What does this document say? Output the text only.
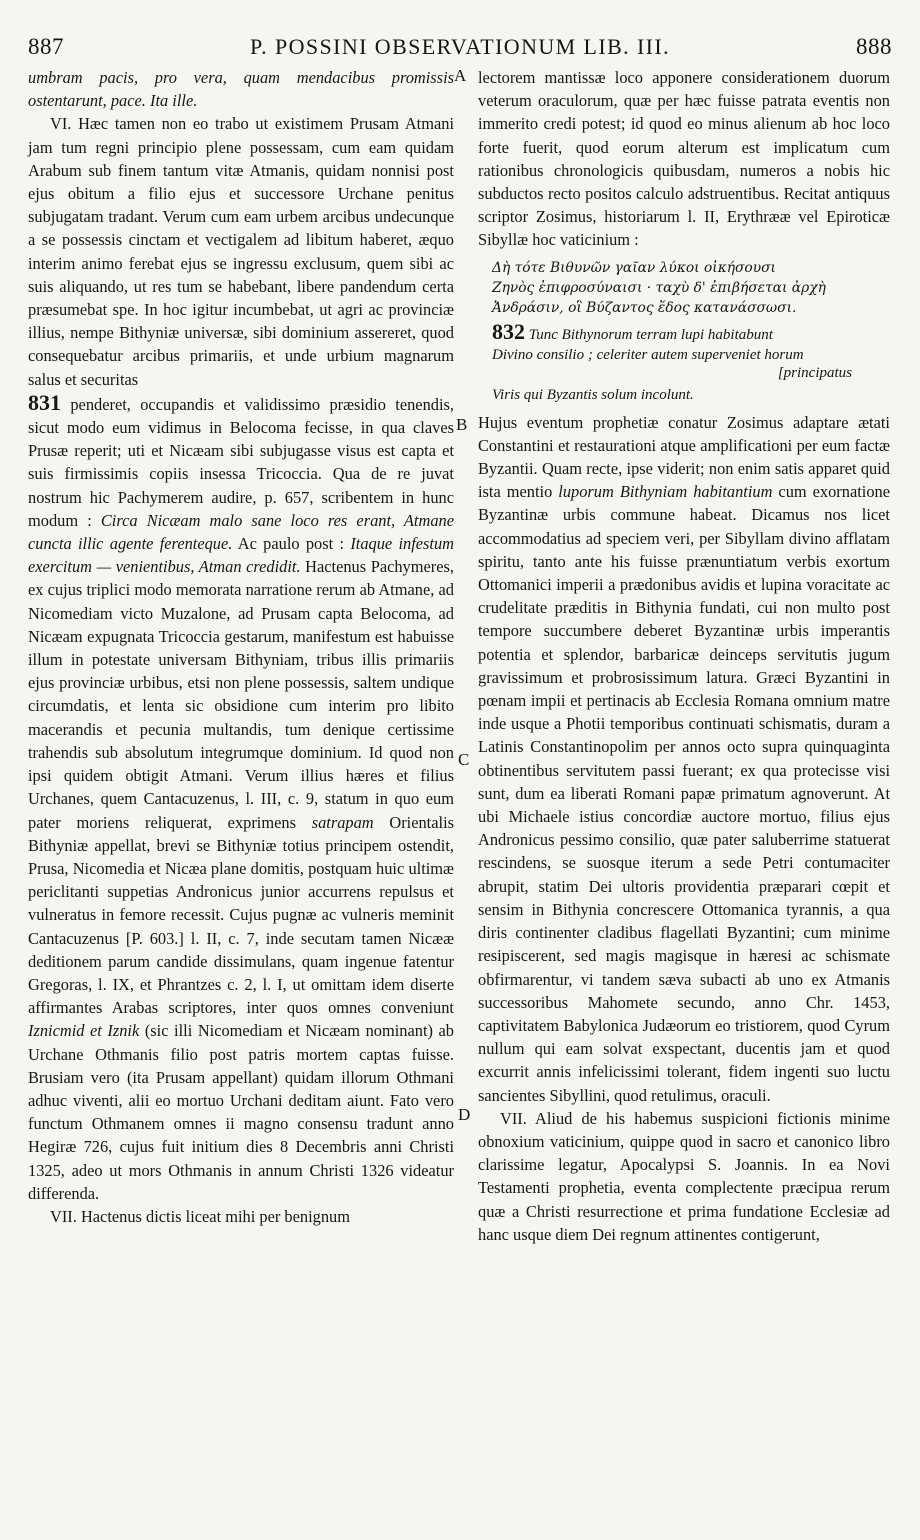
887	P. POSSINI OBSERVATIONUM LIB. III.	888
A
B
C
D

umbram pacis, pro vera, quam mendacibus promissis ostentarunt, pace. Ita ille.

VI. Hæc tamen non eo trabo ut existimem Prusam Atmani jam tum regni principio plene possessam, cum eam quidam Arabum sub finem tantum vitæ Atmanis, quidam nonnisi post ejus obitum a filio ejus et successore Urchane penitus subjugatam tradant. Verum cum eam urbem arcibus undecunque a se possessis cinctam et vectigalem ad libitum haberet, æquo interim animo ferebat ejus se ingressu exclusum, quem sibi ac suis aliquando, ut res tum se habebant, libere pandendum certa præsumebat spe. In hoc igitur incumbebat, ut agri ac provinciæ illius, nempe Bithyniæ universæ, sibi dominium assereret, quod consequebatur arcibus primariis, et unde urbium magnarum salus et securitas
831 penderet, occupandis et validissimo præsidio tenendis, sicut modo eum vidimus in Belocoma fecisse, in qua claves Prusæ reperit; uti et Nicæam sibi subjugasse visus est capta et suis firmissimis copiis insessa Tricoccia. Qua de re juvat nostrum hic Pachymerem audire, p. 657, scribentem in hunc modum : Circa Nicæam malo sane loco res erant, Atmane cuncta illic agente ferenteque. Ac paulo post : Itaque infestum exercitum — venientibus, Atman credidit. Hactenus Pachymeres, ex cujus triplici modo memorata narratione rerum ab Atmane, ad Nicomediam victo Muzalone, ad Prusam capta Belocoma, ad Nicæam expugnata Tricoccia gestarum, manifestum est habuisse illum in potestate universam Bithyniam, tribus illis primariis ejus provinciæ urbibus, etsi non plene possessis, saltem undique circumdatis, et lenta sic obsidione cum interim pro libito macerandis et pecunia multandis, tum denique certissime trahendis sub absolutum integrumque dominium. Id quod non ipsi quidem obtigit Atmani. Verum illius hæres et filius Urchanes, quem Cantacuzenus, l. III, c. 9, statum in quo eum pater moriens reliquerat, exprimens satrapam Orientalis Bithyniæ appellat, brevi se Bithyniæ totius principem ostendit, Prusa, Nicomedia et Nicæa plane domitis, postquam huic ultimæ periclitanti suppetias Andronicus junior accurrens repulsus et vulneratus in femore recessit. Cujus pugnæ ac vulneris meminit Cantacuzenus [P. 603.] l. II, c. 7, inde secutam tamen Nicææ deditionem parum candide dissimulans, quam ingenue fatentur Gregoras, l. IX, et Phrantzes c. 2, l. I, ut omittam idem diserte affirmantes Arabas scriptores, inter quos omnes conveniunt Iznicmid et Iznik (sic illi Nicomediam et Nicæam nominant) ab Urchane Othmanis filio post patris mortem captas fuisse. Brusiam vero (ita Prusam appellant) quidam illorum Othmani adhuc viventi, alii eo mortuo Urchani deditam aiunt. Fato vero functum Othmanem omnes ii magno consensu tradunt anno Hegiræ 726, cujus fuit initium dies 8 Decembris anni Christi 1325, adeo ut mors Othmanis in annum Christi 1326 videatur differenda.

VII. Hactenus dictis liceat mihi per benignum

lectorem mantissæ loco apponere considerationem duorum veterum oraculorum, quæ per hæc fuisse patrata eventis non immerito credi potest; id quod eo minus alienum ab hoc loco forte fuerit, quod eorum alterum est implicatum cum rationibus chronologicis quibusdam, numeros a nobis hic subductos recto positos calculo adstruentibus. Recitat antiquus scriptor Zosimus, historiarum l. II, Erythrææ vel Epiroticæ Sibyllæ hoc vaticinium :

Δὴ τότε Βιθυνῶν γαῖαν λύκοι οἰκήσουσι
Ζηνὸς ἐπιφροσύναισι · ταχὺ δ' ἐπιβήσεται ἀρχὴ
Ἀνδράσιν, οἳ Βύζαντος ἕδος κατανάσσωσι.
832 Tunc Bithynorum terram lupi habitabunt
Divino consilio ; celeriter autem superveniet horum
[principatus
Viris qui Byzantis solum incolunt.

Hujus eventum prophetiæ conatur Zosimus adaptare ætati Constantini et restaurationi atque amplificationi per eum factæ Byzantii. Quam recte, ipse viderit; non enim satis apparet quid ista mentio luporum Bithyniam habitantium cum exornatione Byzantinæ urbis commune habeat. Dicamus nos licet accommodatius ad speciem veri, per Sibyllam divino afflatam spiritu, tanto ante his fuisse prænuntiatum verbis exortum Ottomanici imperii a prædonibus avidis et lupina voracitate ac crudelitate præditis in Bithynia fundati, cui non multo post tempore succumbere deberet Byzantinæ urbis imperantis potentia et splendor, barbaricæ deinceps servitutis jugum gravissimum et probrosissimum latura. Græci Byzantini in pœnam impii et pertinacis ab Ecclesia Romana omnium matre inde usque a Photii temporibus continuati schismatis, duram a Latinis Constantinopolim per annos octo supra quinquaginta obtinentibus servitutem passi fuerant; ex qua protecisse visi sunt, dum ea liberati Romani papæ primatum agnoverunt. At ubi Michaele istius concordiæ auctore mortuo, filius ejus Andronicus pessimo consilio, quæ pater saluberrime statuerat rescindens, se suosque iterum a sede Petri contumaciter abrupit, statim Dei ultoris providentia præparari cœpit et sensim in Bithynia concrescere Ottomanica tyrannis, a qua diris continenter cladibus flagellati Byzantini; cum minime resipiscerent, sed magis magisque in hæresi ac schismate obfirmarentur, vi tandem sæva subacti ab uno ex Atmanis successoribus Mahomete secundo, anno Chr. 1453, captivitatem Babylonica Judæorum eo tristiorem, quod Cyrum nullum qui eam solvat exspectant, ducentis jam et quod excurrit annis infelicissimi tolerant, fidem ingenti suo luctu sancientes Sibyllini, quod retulimus, oraculi.

VII. Aliud de his habemus suspicioni fictionis minime obnoxium vaticinium, quippe quod in sacro et canonico libro clarissime legatur, Apocalypsi S. Joannis. In ea Novi Testamenti prophetia, eventa complectente præcipua rerum quæ a Christi resurrectione et prima fundatione Ecclesiæ ad hanc usque diem Dei regnum attinentes contigerunt,
